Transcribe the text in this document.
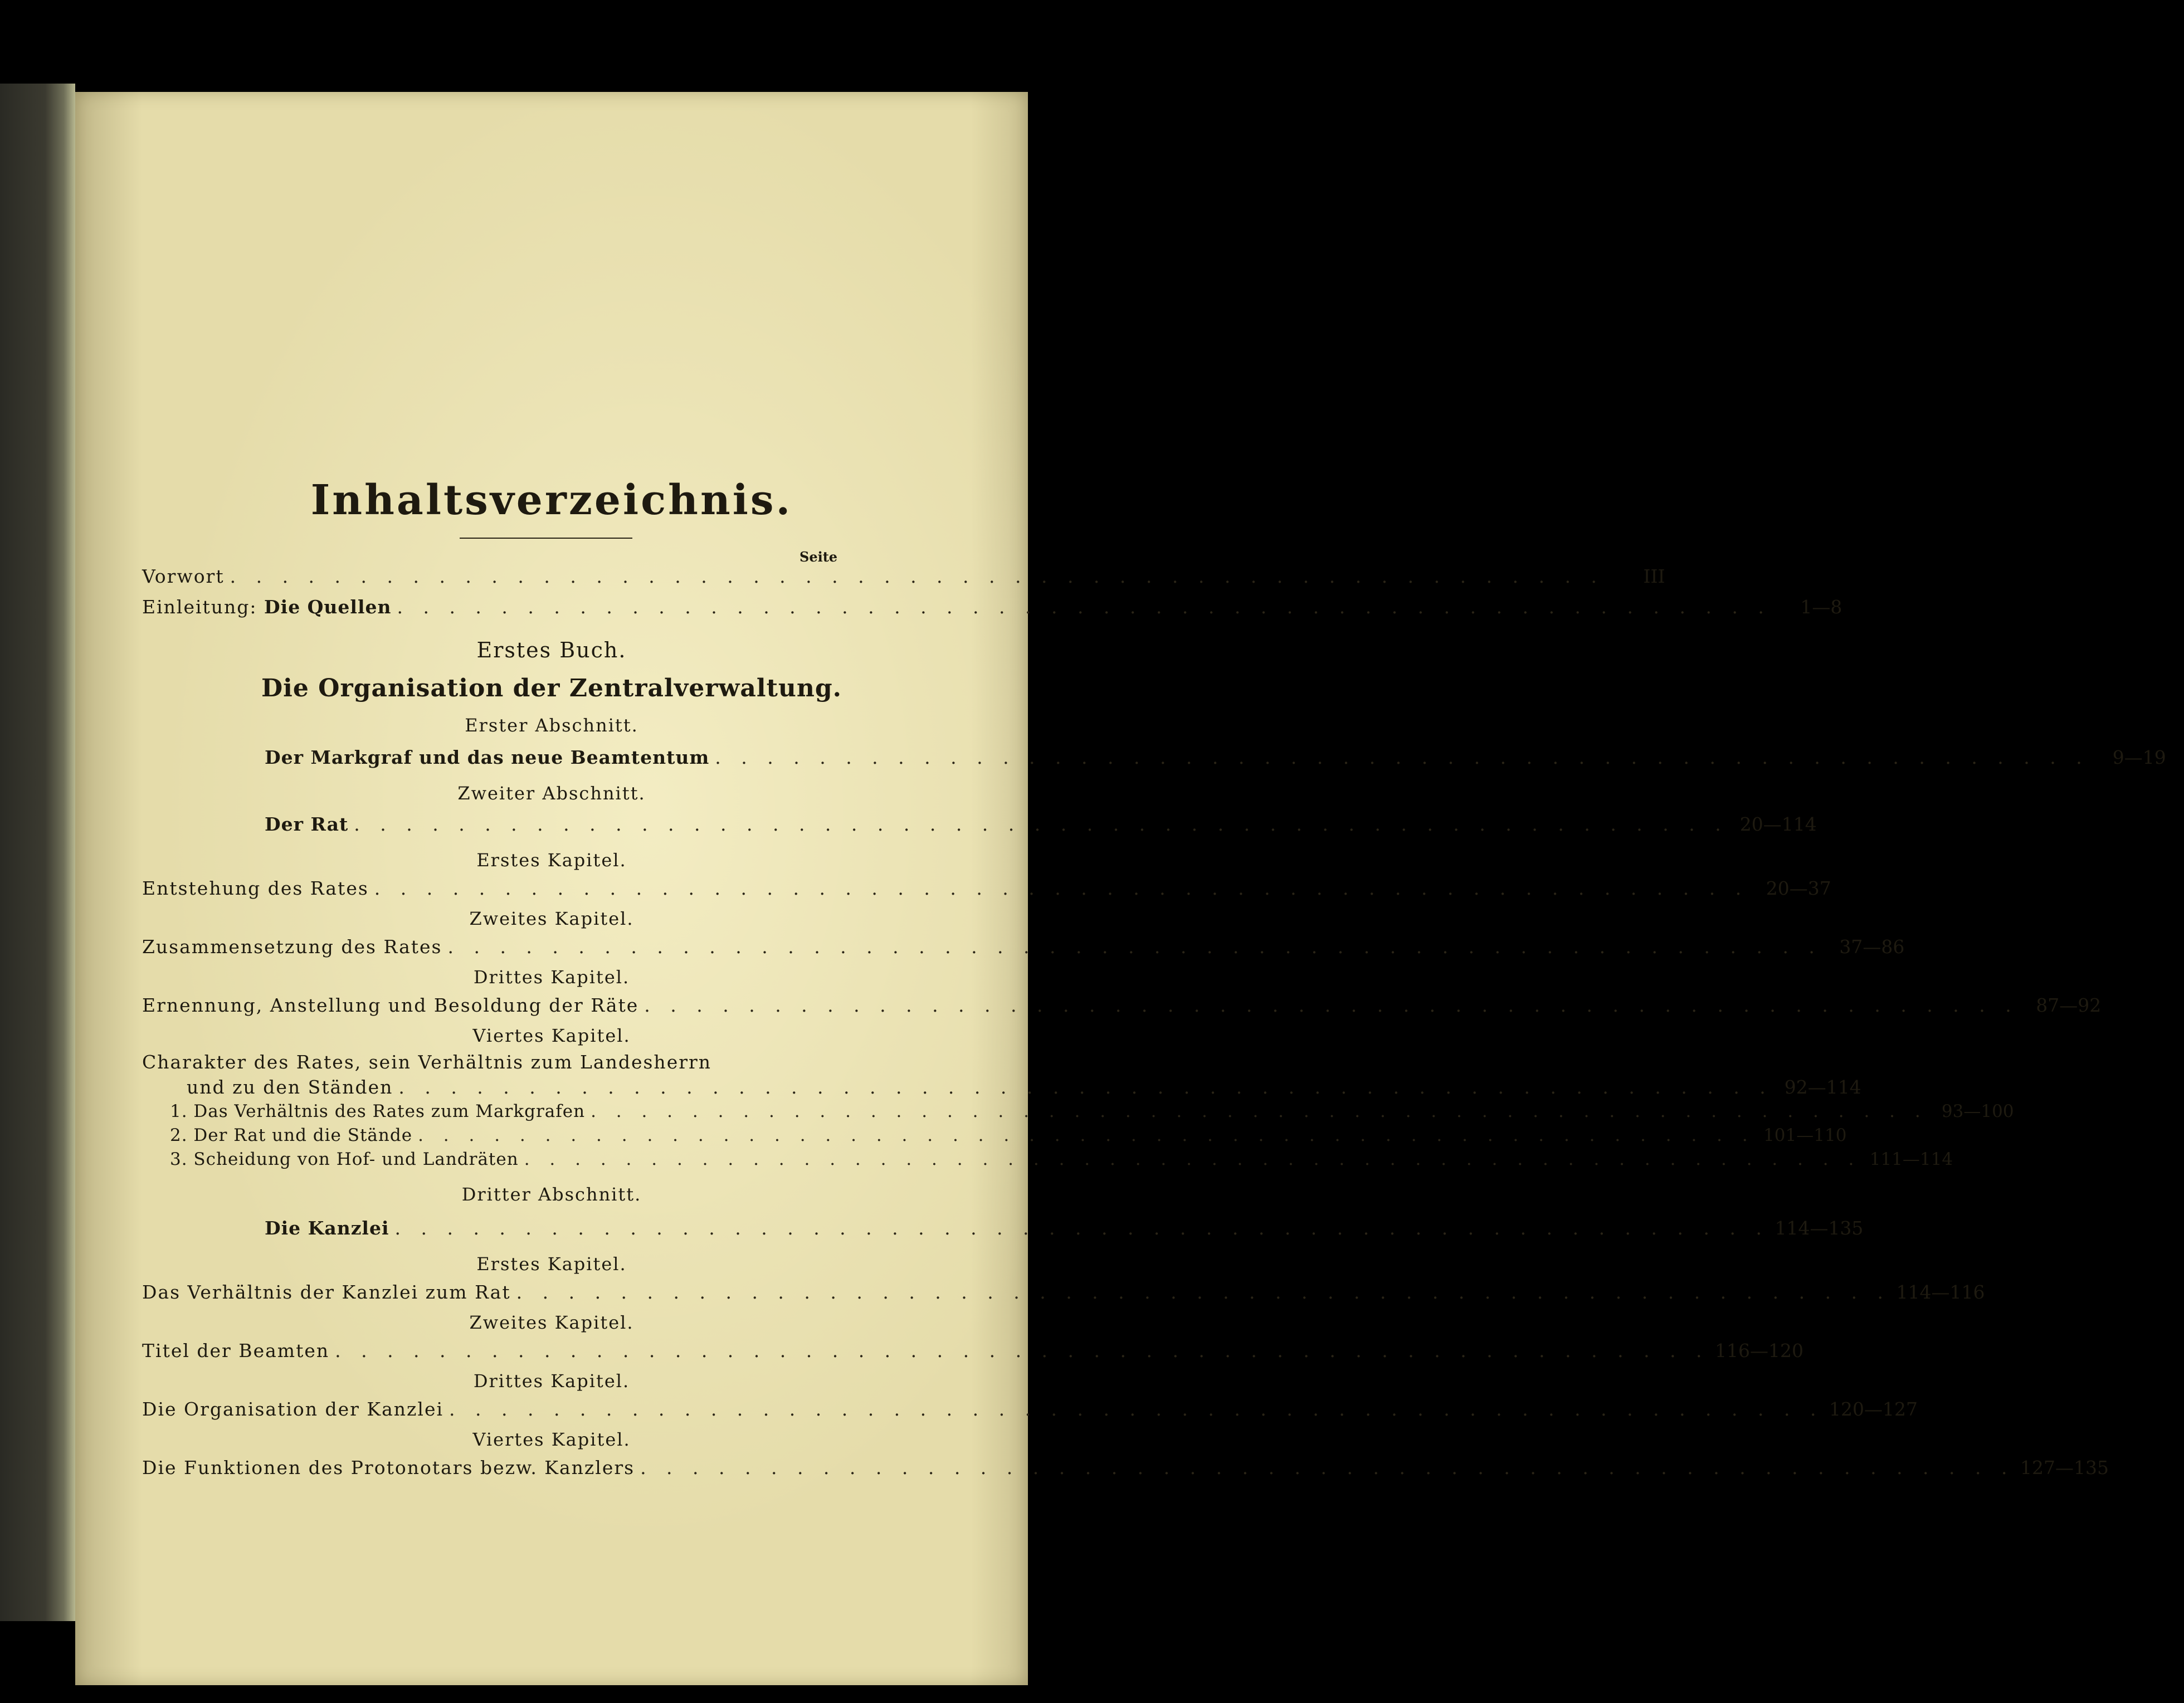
Inhaltsverzeichnis.
Seite
Vorwort . . . . . . . . . . . . . . . . . . . . . . . . . . . . . . . . . . . . . . . . . . . . . . . . . . . . .	III
Einleitung: Die Quellen . . . . . . . . . . . . . . . . . . . . . . . . . . . . . . . . . . . . . . . . . . . . . . . . . . . . .	1—8
Erstes Buch.
Die Organisation der Zentralverwaltung.
Erster Abschnitt.
Der Markgraf und das neue Beamtentum . . . . . . . . . . . . . . . . . . . . . . . . . . . . . . . . . . . . . . . . . . . . . . . . . . . . .	9—19
Zweiter Abschnitt.
Der Rat . . . . . . . . . . . . . . . . . . . . . . . . . . . . . . . . . . . . . . . . . . . . . . . . . . . . . 20—114
Erstes Kapitel.
Entstehung des Rates . . . . . . . . . . . . . . . . . . . . . . . . . . . . . . . . . . . . . . . . . . . . . . . . . . . . . 20—37
Zweites Kapitel.
Zusammensetzung des Rates . . . . . . . . . . . . . . . . . . . . . . . . . . . . . . . . . . . . . . . . . . . . . . . . . . . . . 37—86
Drittes Kapitel.
Ernennung, Anstellung und Besoldung der Räte . . . . . . . . . . . . . . . . . . . . . . . . . . . . . . . . . . . . . . . . . . . . . . . . . . . . . 87—92
Viertes Kapitel.
Charakter des Rates, sein Verhältnis zum Landesherrn
und zu den Ständen . . . . . . . . . . . . . . . . . . . . . . . . . . . . . . . . . . . . . . . . . . . . . . . . . . . . . 92—114
1. Das Verhältnis des Rates zum Markgrafen . . . . . . . . . . . . . . . . . . . . . . . . . . . . . . . . . . . . . . . . . . . . . . . . . . . . . 93—100
2. Der Rat und die Stände . . . . . . . . . . . . . . . . . . . . . . . . . . . . . . . . . . . . . . . . . . . . . . . . . . . . . 101—110
3. Scheidung von Hof- und Landräten . . . . . . . . . . . . . . . . . . . . . . . . . . . . . . . . . . . . . . . . . . . . . . . . . . . . . 111—114
Dritter Abschnitt.
Die Kanzlei . . . . . . . . . . . . . . . . . . . . . . . . . . . . . . . . . . . . . . . . . . . . . . . . . . . . . 114—135
Erstes Kapitel.
Das Verhältnis der Kanzlei zum Rat . . . . . . . . . . . . . . . . . . . . . . . . . . . . . . . . . . . . . . . . . . . . . . . . . . . . . 114—116
Zweites Kapitel.
Titel der Beamten . . . . . . . . . . . . . . . . . . . . . . . . . . . . . . . . . . . . . . . . . . . . . . . . . . . . . 116—120
Drittes Kapitel.
Die Organisation der Kanzlei . . . . . . . . . . . . . . . . . . . . . . . . . . . . . . . . . . . . . . . . . . . . . . . . . . . . . 120—127
Viertes Kapitel.
Die Funktionen des Protonotars bezw. Kanzlers . . . . . . . . . . . . . . . . . . . . . . . . . . . . . . . . . . . . . . . . . . . . . . . . . . . . . 127—135
